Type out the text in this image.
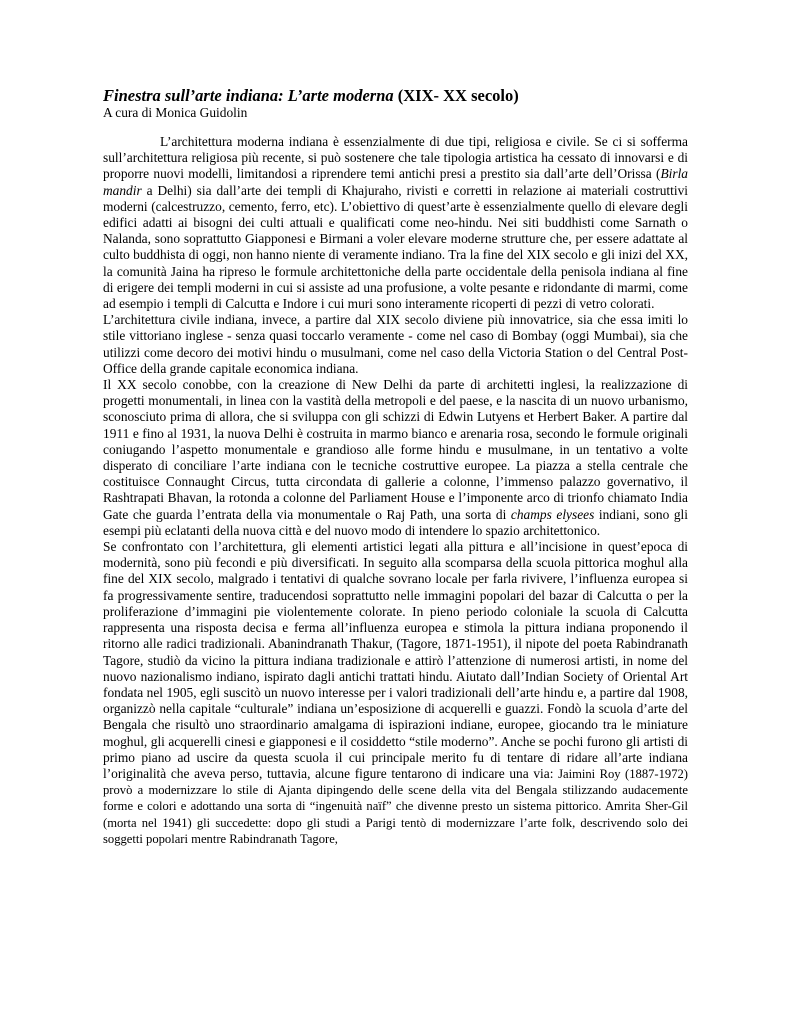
Finestra sull’arte indiana: L’arte moderna (XIX- XX secolo)
A cura di Monica Guidolin

L’architettura moderna indiana è essenzialmente di due tipi, religiosa e civile. Se ci si sofferma sull’architettura religiosa più recente, si può sostenere che tale tipologia artistica ha cessato di innovarsi e di proporre nuovi modelli, limitandosi a riprendere temi antichi presi a prestito sia dall’arte dell’Orissa (Birla mandir a Delhi) sia dall’arte dei templi di Khajuraho, rivisti e corretti in relazione ai materiali costruttivi moderni (calcestruzzo, cemento, ferro, etc). L’obiettivo di quest’arte è essenzialmente quello di elevare degli edifici adatti ai bisogni dei culti attuali e qualificati come neo-hindu. Nei siti buddhisti come Sarnath o Nalanda, sono soprattutto Giapponesi e Birmani a voler elevare moderne strutture che, per essere adattate al culto buddhista di oggi, non hanno niente di veramente indiano. Tra la fine del XIX secolo e gli inizi del XX, la comunità Jaina ha ripreso le formule architettoniche della parte occidentale della penisola indiana al fine di erigere dei templi moderni in cui si assiste ad una profusione, a volte pesante e ridondante di marmi, come ad esempio i templi di Calcutta e Indore i cui muri sono interamente ricoperti di pezzi di vetro colorati.

L’architettura civile indiana, invece, a partire dal XIX secolo diviene più innovatrice, sia che essa imiti lo stile vittoriano inglese - senza quasi toccarlo veramente - come nel caso di Bombay (oggi Mumbai), sia che utilizzi come decoro dei motivi hindu o musulmani, come nel caso della Victoria Station o del Central Post-Office della grande capitale economica indiana.

Il XX secolo conobbe, con la creazione di New Delhi da parte di architetti inglesi, la realizzazione di progetti monumentali, in linea con la vastità della metropoli e del paese, e la nascita di un nuovo urbanismo, sconosciuto prima di allora, che si sviluppa con gli schizzi di Edwin Lutyens et Herbert Baker. A partire dal 1911 e fino al 1931, la nuova Delhi è costruita in marmo bianco e arenaria rosa, secondo le formule originali coniugando l’aspetto monumentale e grandioso alle forme hindu e musulmane, in un tentativo a volte disperato di conciliare l’arte indiana con le tecniche costruttive europee. La piazza a stella centrale che costituisce Connaught Circus, tutta circondata di gallerie a colonne, l’immenso palazzo governativo, il Rashtrapati Bhavan, la rotonda a colonne del Parliament House e l’imponente arco di trionfo chiamato India Gate che guarda l’entrata della via monumentale o Raj Path, una sorta di champs elysees indiani, sono gli esempi più eclatanti della nuova città e del nuovo modo di intendere lo spazio architettonico.

Se confrontato con l’architettura, gli elementi artistici legati alla pittura e all’incisione in quest’epoca di modernità, sono più fecondi e più diversificati. In seguito alla scomparsa della scuola pittorica moghul alla fine del XIX secolo, malgrado i tentativi di qualche sovrano locale per farla rivivere, l’influenza europea si fa progressivamente sentire, traducendosi soprattutto nelle immagini popolari del bazar di Calcutta o per la proliferazione d’immagini pie violentemente colorate. In pieno periodo coloniale la scuola di Calcutta rappresenta una risposta decisa e ferma all’influenza europea e stimola la pittura indiana proponendo il ritorno alle radici tradizionali. Abanindranath Thakur, (Tagore, 1871-1951), il nipote del poeta Rabindranath Tagore, studiò da vicino la pittura indiana tradizionale e attirò l’attenzione di numerosi artisti, in nome del nuovo nazionalismo indiano, ispirato dagli antichi trattati hindu. Aiutato dall’Indian Society of Oriental Art fondata nel 1905, egli suscitò un nuovo interesse per i valori tradizionali dell’arte hindu e, a partire dal 1908, organizzò nella capitale “culturale” indiana un’esposizione di acquerelli e guazzi. Fondò la scuola d’arte del Bengala che risultò uno straordinario amalgama di ispirazioni indiane, europee, giocando tra le miniature moghul, gli acquerelli cinesi e giapponesi e il cosiddetto “stile moderno”. Anche se pochi furono gli artisti di primo piano ad uscire da questa scuola il cui principale merito fu di tentare di ridare all’arte indiana l’originalità che aveva perso, tuttavia, alcune figure tentarono di indicare una via: Jaimini Roy (1887-1972) provò a modernizzare lo stile di Ajanta dipingendo delle scene della vita del Bengala stilizzando audacemente forme e colori e adottando una sorta di “ingenuità naïf” che divenne presto un sistema pittorico. Amrita Sher-Gil (morta nel 1941) gli succedette: dopo gli studi a Parigi tentò di modernizzare l’arte folk, descrivendo solo dei soggetti popolari mentre Rabindranath Tagore,
